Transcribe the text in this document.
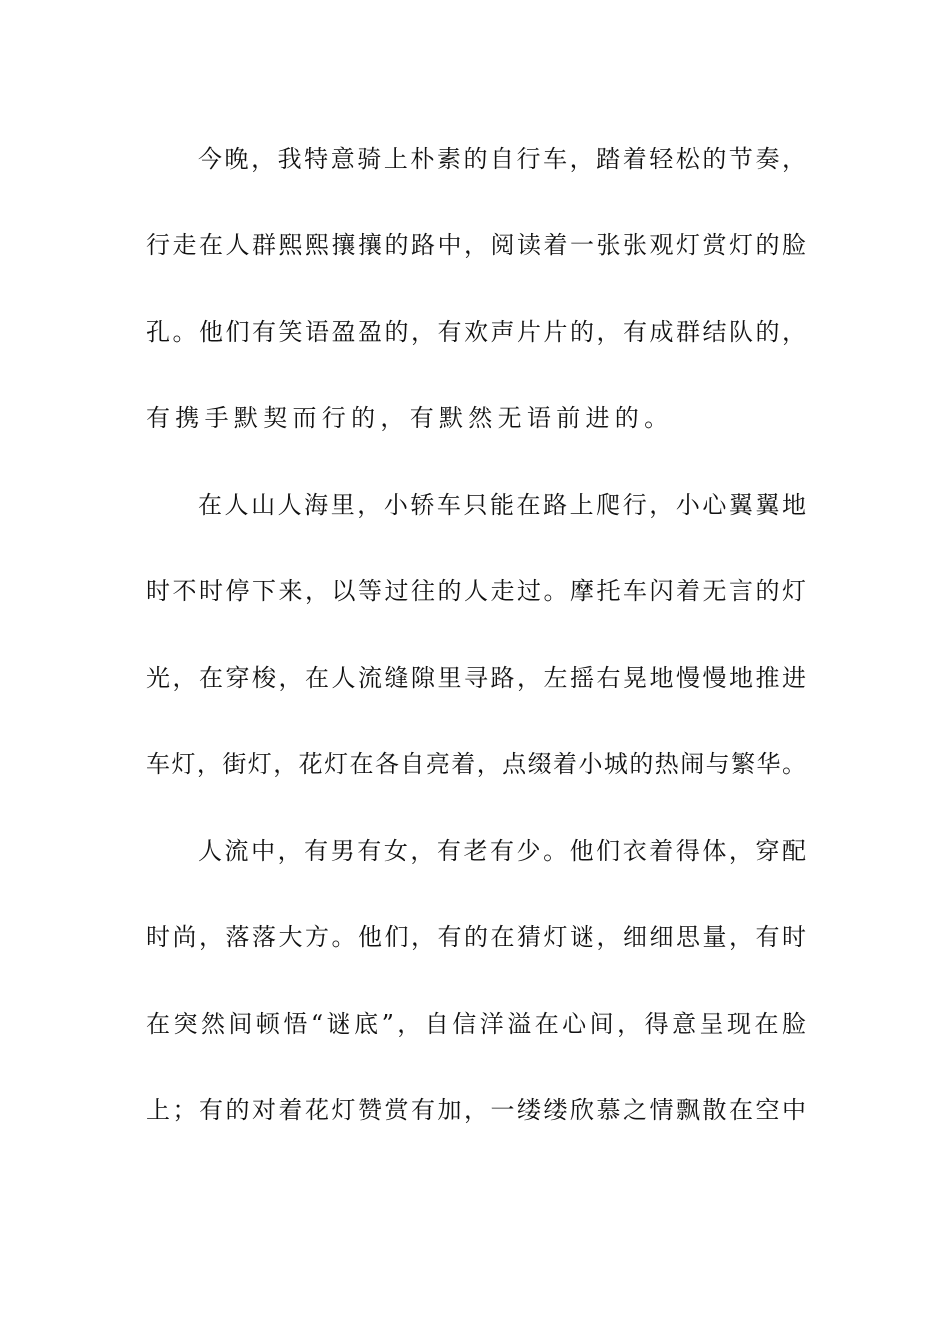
今晚，我特意骑上朴素的自行车，踏着轻松的节奏，
行走在人群熙熙攘攘的路中，阅读着一张张观灯赏灯的脸
孔。他们有笑语盈盈的，有欢声片片的，有成群结队的，
有携手默契而行的，有默然无语前进的。
在人山人海里，小轿车只能在路上爬行，小心翼翼地
时不时停下来，以等过往的人走过。摩托车闪着无言的灯
光，在穿梭，在人流缝隙里寻路，左摇右晃地慢慢地推进
车灯，街灯，花灯在各自亮着，点缀着小城的热闹与繁华。
人流中，有男有女，有老有少。他们衣着得体，穿配
时尚，落落大方。他们，有的在猜灯谜，细细思量，有时
在突然间顿悟“谜底”，自信洋溢在心间，得意呈现在脸
上；有的对着花灯赞赏有加，一缕缕欣慕之情飘散在空中
